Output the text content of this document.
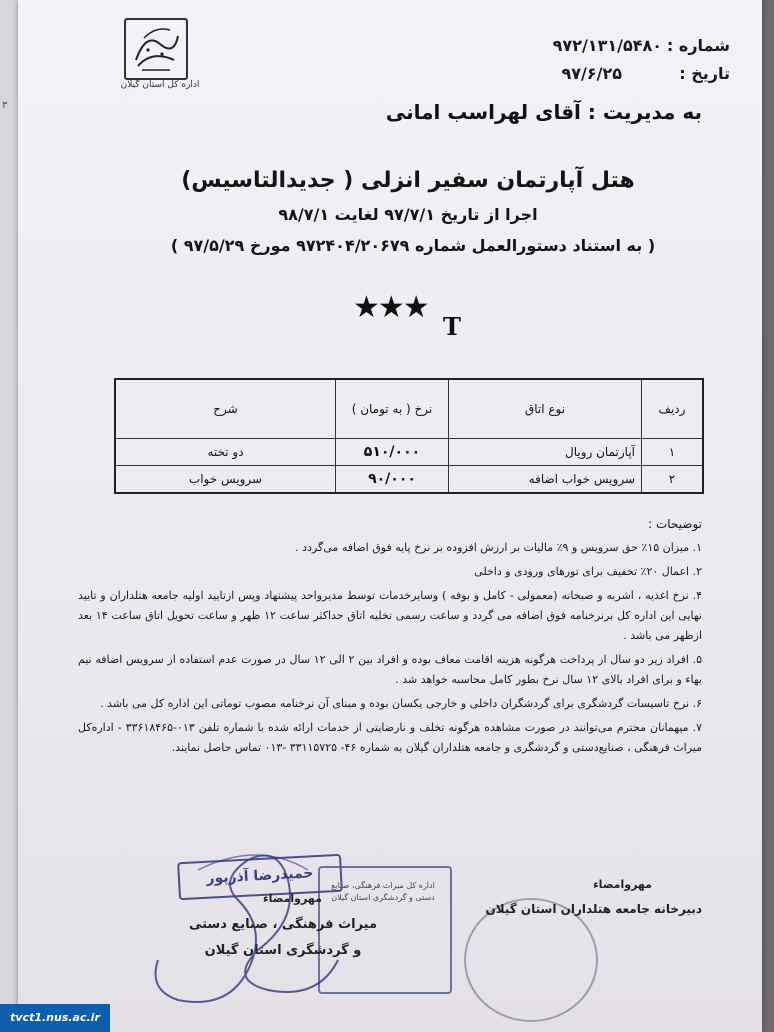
۳
اداره کل استان گیلان
۹۷۲/۱۳۱/۵۴۸۰ شماره :
۹۷/۶/۲۵	تاریخ :
به مدیریت : آقای لهراسب امانی
هتل آپارتمان سفیر انزلی ( جدیدالتاسیس)
اجرا از تاریخ ۹۷/۷/۱ لغایت ۹۸/۷/۱
( به استناد دستورالعمل شماره ۹۷۲۴۰۴/۲۰۶۷۹ مورخ ۹۷/۵/۲۹ )
★★★
T
ردیف	نوع اتاق	نرخ ( به تومان )	شرح
۱	آپارتمان رویال	۵۱۰/۰۰۰	دو تخته
۲	سرویس خواب اضافه	۹۰/۰۰۰	سرویس خواب
توضیحات :

۱. میزان ۱۵٪ حق سرویس و ۹٪ مالیات بر ارزش افزوده بر نرخ پایه فوق اضافه می‌گردد .

۲. اعمال ۲۰٪ تخفیف برای تورهای ورودی و داخلی

۴. نرخ اغذیه ، اشربه و صبحانه (معمولی - کامل و بوفه ) وسایرخدمات توسط مدیرواحد پیشنهاد وپس ازتایید اولیه جامعه هتلداران و تایید نهایی این اداره کل برنرخنامه فوق اضافه می گردد و ساعت رسمی تخلیه اتاق حداکثر ساعت ۱۲ ظهر و ساعت تحویل اتاق ساعت ۱۴ بعد ازظهر می باشد .

۵. افراد زیر دو سال از پرداخت هرگونه هزینه اقامت معاف بوده و افراد بین ۲ الی ۱۲ سال در صورت عدم استفاده از سرویس اضافه نیم بهاء و برای افراد بالای ۱۲ سال نرخ بطور کامل محاسبه خواهد شد .

۶. نرخ تاسیسات گردشگری برای گردشگران داخلی و خارجی یکسان بوده و مبنای آن نرخنامه مصوب توماتی این اداره کل می باشد .

۷. میهمانان محترم می‌توانند در صورت مشاهده هرگونه تخلف و نارضایتی از خدمات ارائه شده با شماره تلفن ۰۱۳-۳۳۶۱۸۴۶۵ - اداره‌کل میراث فرهنگی ، صنایع‌دستی و گردشگری و جامعه هتلداران گیلان به شماره ۴۶- ۳۳۱۱۵۷۲۵ -۰۱۳ تماس حاصل نمایند.

مهروامضاء
دبیرخانه جامعه هتلداران استان گیلان
اداره کل میراث فرهنگی، صنایع دستی و گردشگری استان گیلان
حمیدرضا آذرپور
مهروامضاء
میراث فرهنگی ، صنایع دستی
و گردشگری استان گیلان
tvct1.nus.ac.ir
